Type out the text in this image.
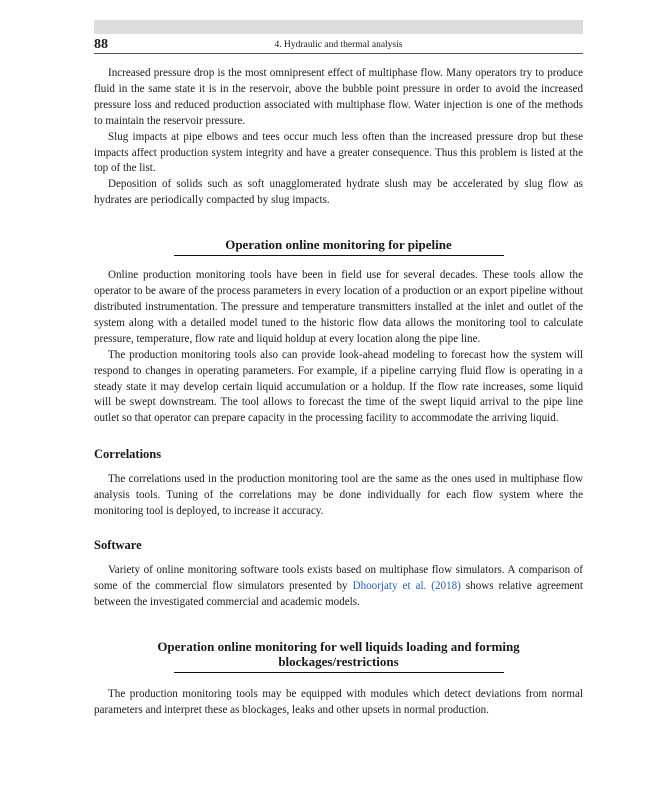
88	4. Hydraulic and thermal analysis

Increased pressure drop is the most omnipresent effect of multiphase flow. Many operators try to produce fluid in the same state it is in the reservoir, above the bubble point pressure in order to avoid the increased pressure loss and reduced production associated with multiphase flow. Water injection is one of the methods to maintain the reservoir pressure.

Slug impacts at pipe elbows and tees occur much less often than the increased pressure drop but these impacts affect production system integrity and have a greater consequence. Thus this problem is listed at the top of the list.

Deposition of solids such as soft unagglomerated hydrate slush may be accelerated by slug flow as hydrates are periodically compacted by slug impacts.

Operation online monitoring for pipeline

Online production monitoring tools have been in field use for several decades. These tools allow the operator to be aware of the process parameters in every location of a production or an export pipeline without distributed instrumentation. The pressure and temperature transmitters installed at the inlet and outlet of the system along with a detailed model tuned to the historic flow data allows the monitoring tool to calculate pressure, temperature, flow rate and liquid holdup at every location along the pipe line.

The production monitoring tools also can provide look-ahead modeling to forecast how the system will respond to changes in operating parameters. For example, if a pipeline carrying fluid flow is operating in a steady state it may develop certain liquid accumulation or a holdup. If the flow rate increases, some liquid will be swept downstream. The tool allows to forecast the time of the swept liquid arrival to the pipe line outlet so that operator can prepare capacity in the processing facility to accommodate the arriving liquid.

Correlations

The correlations used in the production monitoring tool are the same as the ones used in multiphase flow analysis tools. Tuning of the correlations may be done individually for each flow system where the monitoring tool is deployed, to increase it accuracy.

Software

Variety of online monitoring software tools exists based on multiphase flow simulators. A comparison of some of the commercial flow simulators presented by Dhoorjaty et al. (2018) shows relative agreement between the investigated commercial and academic models.

Operation online monitoring for well liquids loading and forming
blockages/restrictions

The production monitoring tools may be equipped with modules which detect deviations from normal parameters and interpret these as blockages, leaks and other upsets in normal production.
